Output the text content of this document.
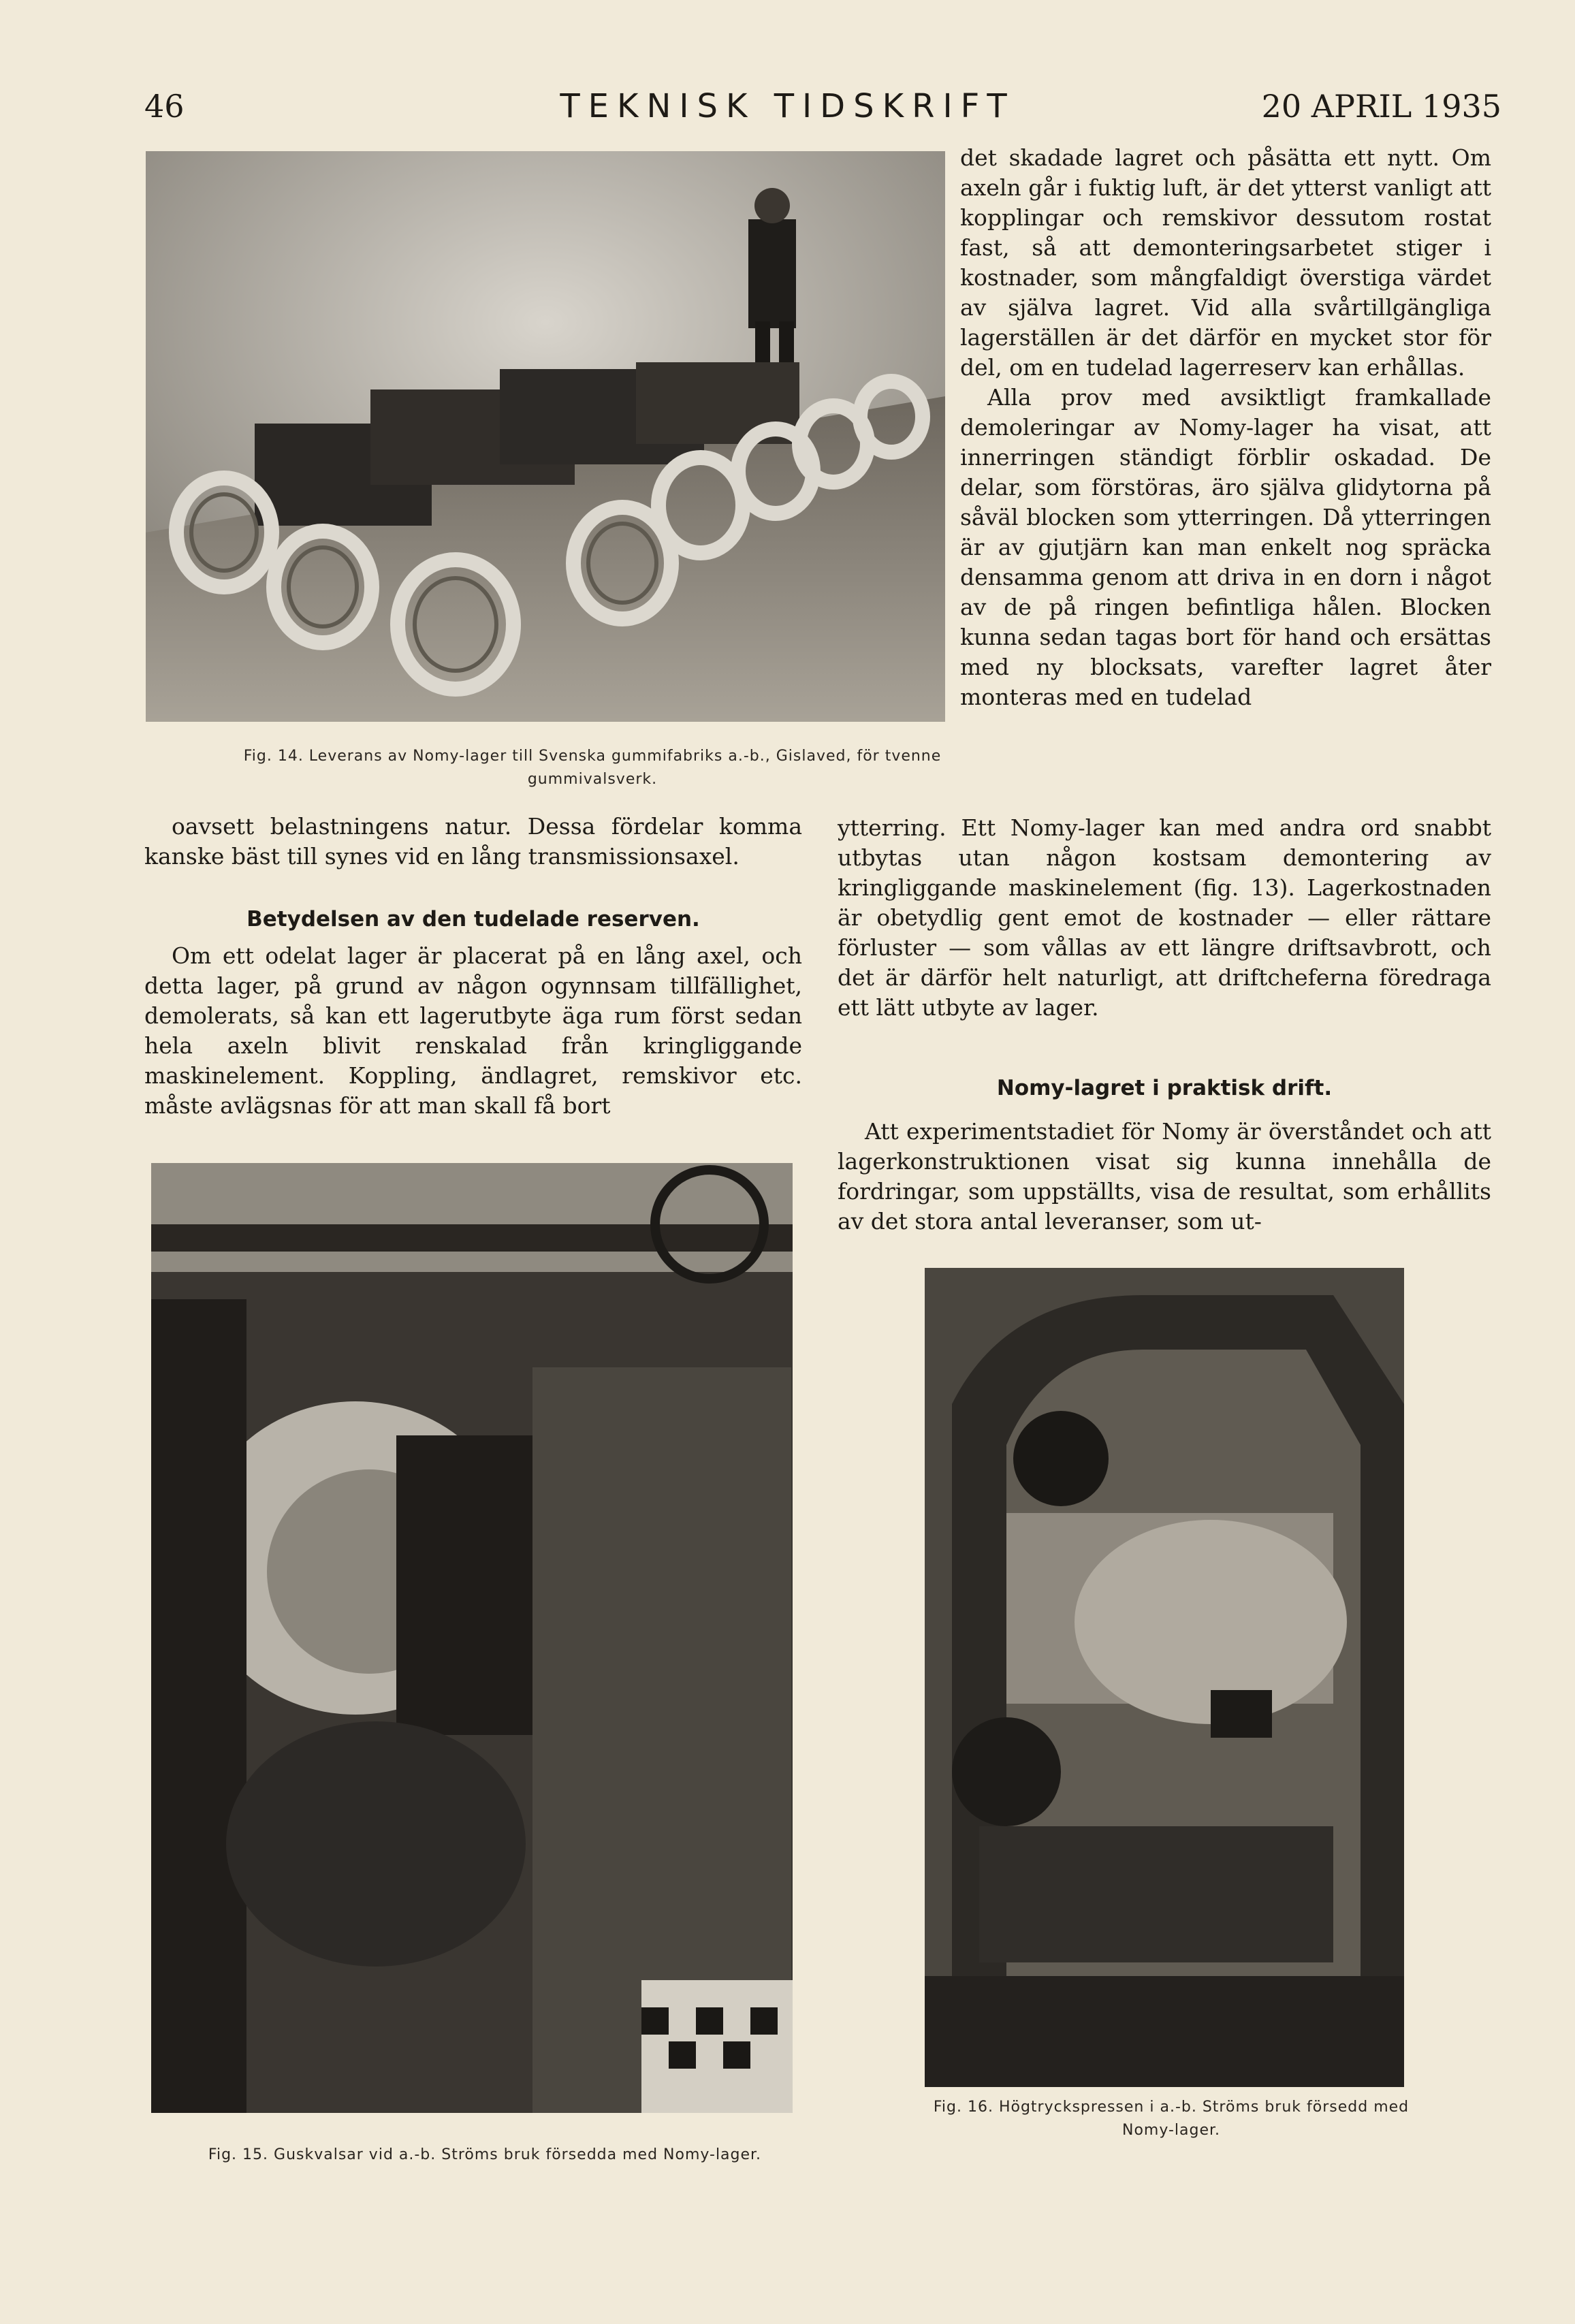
46	TEKNISK TIDSKRIFT	20 APRIL 1935
Fig. 14. Leverans av Nomy-lager till Svenska gummifabriks a.-b., Gislaved, för tvenne gummivalsverk.

oavsett belastningens natur. Dessa fördelar komma kanske bäst till synes vid en lång transmissionsaxel.

Betydelsen av den tudelade reserven.

Om ett odelat lager är placerat på en lång axel, och detta lager, på grund av någon ogynnsam tillfällighet, demolerats, så kan ett lagerutbyte äga rum först sedan hela axeln blivit renskalad från kringliggande maskinelement. Koppling, ändlagret, remskivor etc. måste avlägsnas för att man skall få bort

det skadade lagret och påsätta ett nytt. Om axeln går i fuktig luft, är det ytterst vanligt att kopplingar och remskivor dessutom rostat fast, så att demonteringsarbetet stiger i kostnader, som mångfaldigt överstiga värdet av själva lagret. Vid alla svårtillgängliga lagerställen är det därför en mycket stor för del, om en tudelad lagerreserv kan erhållas.

Alla prov med avsiktligt framkallade demoleringar av Nomy-lager ha visat, att innerringen ständigt förblir oskadad. De delar, som förstöras, äro själva glidytorna på såväl blocken som ytterringen. Då ytterringen är av gjutjärn kan man enkelt nog spräcka densamma genom att driva in en dorn i något av de på ringen befintliga hålen. Blocken kunna sedan tagas bort för hand och ersättas med ny blocksats, varefter lagret åter monteras med en tudelad

ytterring. Ett Nomy-lager kan med andra ord snabbt utbytas utan någon kostsam demontering av kringliggande maskinelement (fig. 13). Lagerkostnaden är obetydlig gent emot de kostnader — eller rättare förluster — som vållas av ett längre driftsavbrott, och det är därför helt naturligt, att driftcheferna föredraga ett lätt utbyte av lager.

Nomy-lagret i praktisk drift.

Att experimentstadiet för Nomy är överståndet och att lagerkonstruktionen visat sig kunna innehålla de fordringar, som uppställts, visa de resultat, som erhållits av det stora antal leveranser, som ut-

Fig. 15. Guskvalsar vid a.-b. Ströms bruk försedda med Nomy-lager.
Fig. 16. Högtryckspressen i a.-b. Ströms bruk försedd med Nomy-lager.
